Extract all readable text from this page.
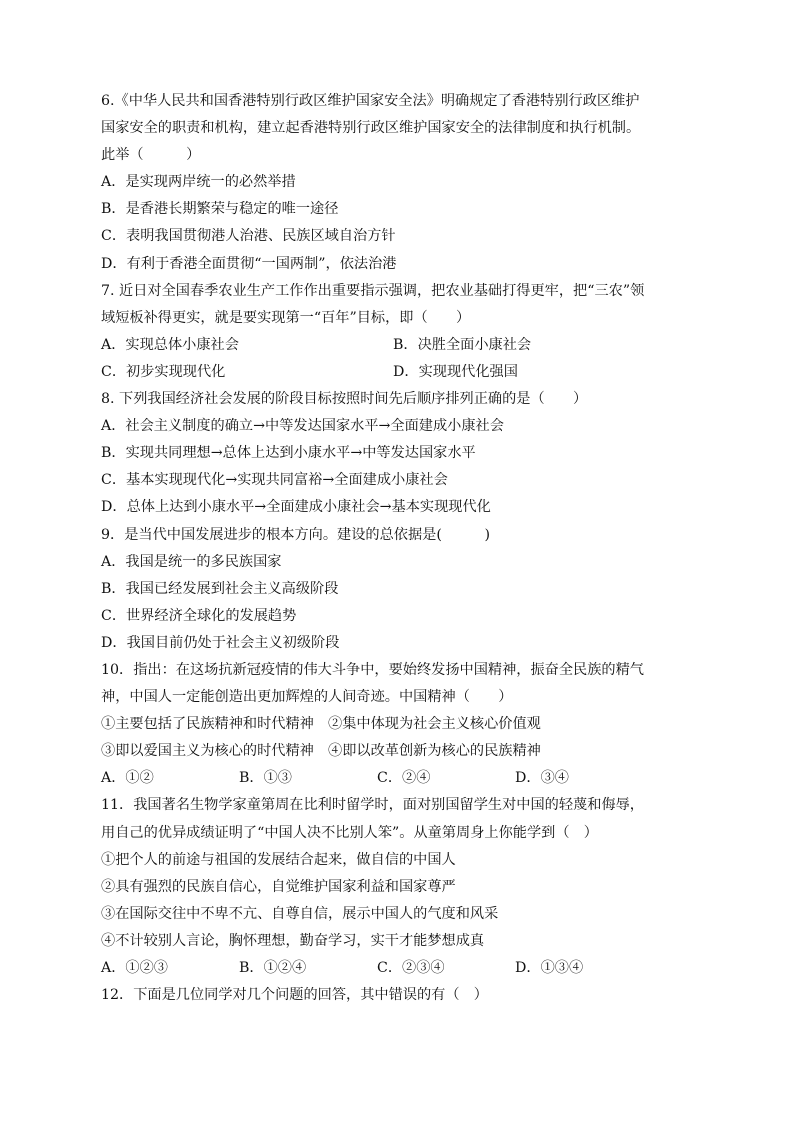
6.《中华人民共和国香港特别行政区维护国家安全法》明确规定了香港特别行政区维护
国家安全的职责和机构，建立起香港特别行政区维护国家安全的法律制度和执行机制。
此举（　　　）
A．是实现两岸统一的必然举措
B．是香港长期繁荣与稳定的唯一途径
C．表明我国贯彻港人治港、民族区域自治方针
D．有利于香港全面贯彻“一国两制”，依法治港
7. 近日对全国春季农业生产工作作出重要指示强调，把农业基础打得更牢，把“三农”领
域短板补得更实，就是要实现第一“百年”目标，即（　　）
A．实现总体小康社会	B．决胜全面小康社会
C．初步实现现代化	D．实现现代化强国
8. 下列我国经济社会发展的阶段目标按照时间先后顺序排列正确的是（　　）
A．社会主义制度的确立→中等发达国家水平→全面建成小康社会
B．实现共同理想→总体上达到小康水平→中等发达国家水平
C．基本实现现代化→实现共同富裕→全面建成小康社会
D．总体上达到小康水平→全面建成小康社会→基本实现现代化
9．是当代中国发展进步的根本方向。建设的总依据是(　　　)
A．我国是统一的多民族国家
B．我国已经发展到社会主义高级阶段
C．世界经济全球化的发展趋势
D．我国目前仍处于社会主义初级阶段
10．指出：在这场抗新冠疫情的伟大斗争中，要始终发扬中国精神，振奋全民族的精气
神，中国人一定能创造出更加辉煌的人间奇迹。中国精神（　　）
①主要包括了民族精神和时代精神　②集中体现为社会主义核心价值观
③即以爱国主义为核心的时代精神　④即以改革创新为核心的民族精神
A．①②	B．①③	C．②④	D．③④
11．我国著名生物学家童第周在比利时留学时，面对别国留学生对中国的轻蔑和侮辱，
用自己的优异成绩证明了“中国人决不比别人笨”。从童第周身上你能学到（　）
①把个人的前途与祖国的发展结合起来，做自信的中国人
②具有强烈的民族自信心，自觉维护国家利益和国家尊严
③在国际交往中不卑不亢、自尊自信，展示中国人的气度和风采
④不计较别人言论，胸怀理想，勤奋学习，实干才能梦想成真
A．①②③	B．①②④	C．②③④	D．①③④
12．下面是几位同学对几个问题的回答，其中错误的有（　）
